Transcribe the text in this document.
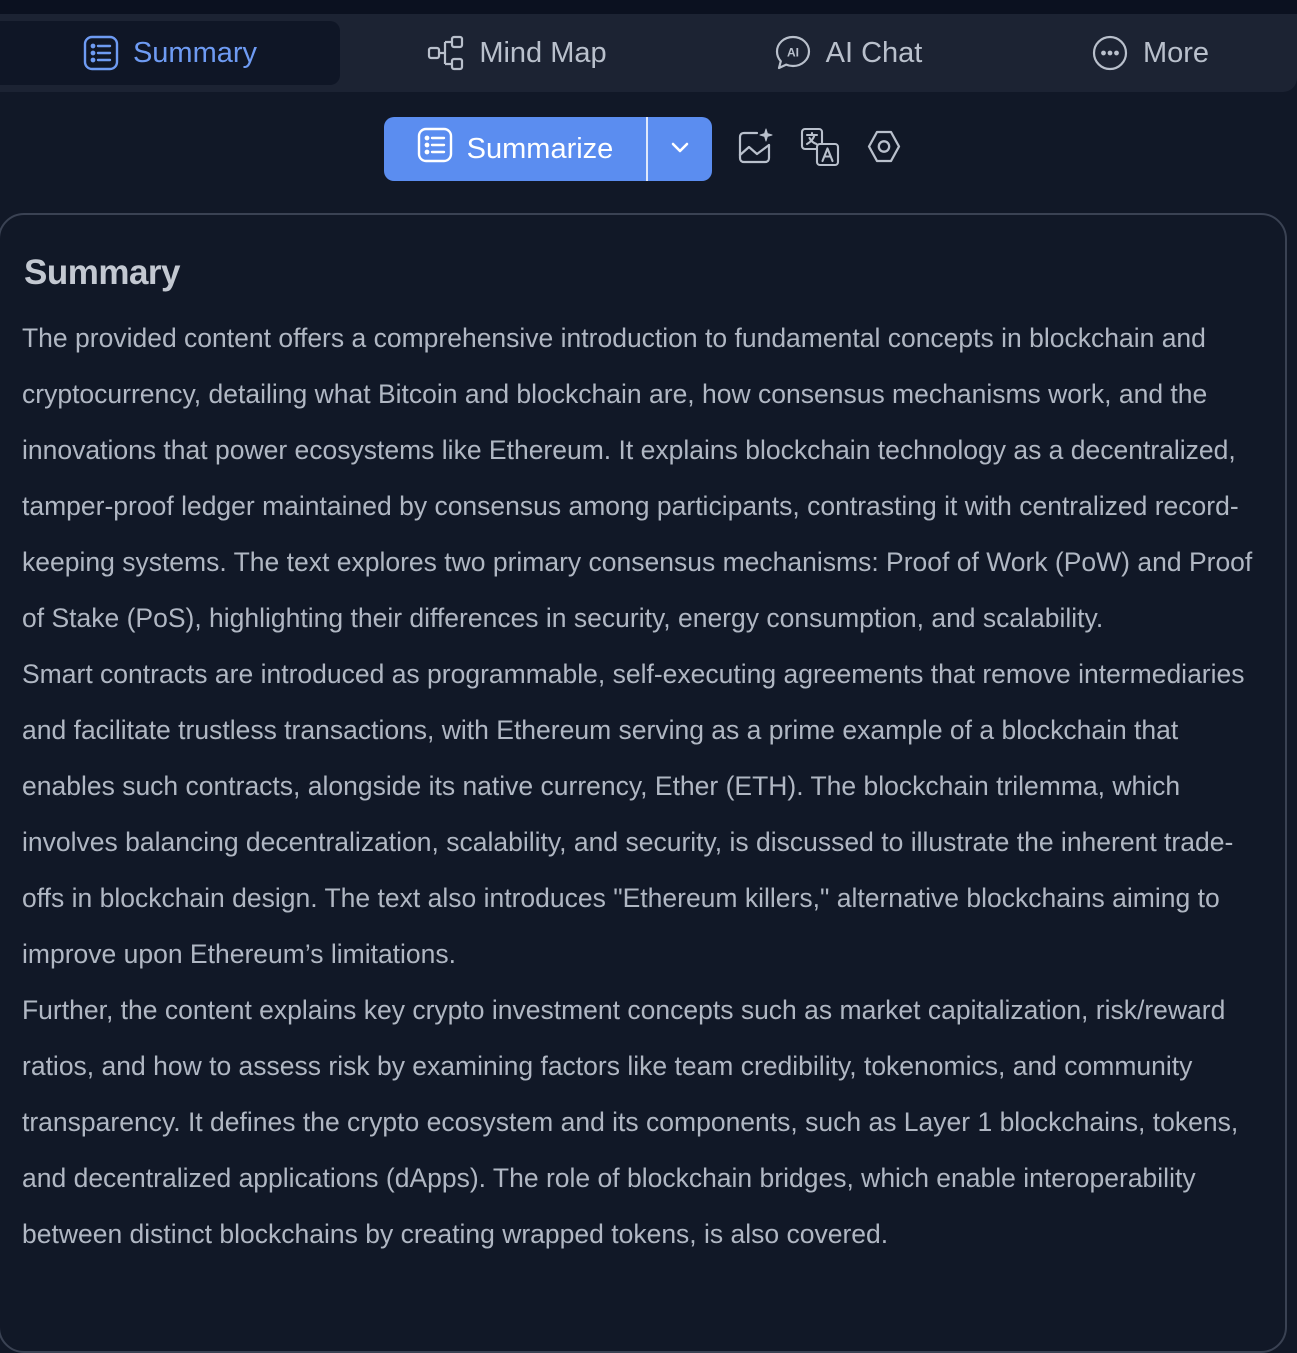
Summary	Mind Map	AI AI Chat	More
Summarize
Summary

The provided content offers a comprehensive introduction to fundamental concepts in blockchain and cryptocurrency, detailing what Bitcoin and blockchain are, how consensus mechanisms work, and the innovations that power ecosystems like Ethereum. It explains blockchain technology as a decentralized, tamper-proof ledger maintained by consensus among participants, contrasting it with centralized record-keeping systems. The text explores two primary consensus mechanisms: Proof of Work (PoW) and Proof of Stake (PoS), highlighting their differences in security, energy consumption, and scalability.

Smart contracts are introduced as programmable, self-executing agreements that remove intermediaries and facilitate trustless transactions, with Ethereum serving as a prime example of a blockchain that enables such contracts, alongside its native currency, Ether (ETH). The blockchain trilemma, which involves balancing decentralization, scalability, and security, is discussed to illustrate the inherent trade-offs in blockchain design. The text also introduces "Ethereum killers," alternative blockchains aiming to improve upon Ethereum’s limitations.

Further, the content explains key crypto investment concepts such as market capitalization, risk/reward ratios, and how to assess risk by examining factors like team credibility, tokenomics, and community transparency. It defines the crypto ecosystem and its components, such as Layer 1 blockchains, tokens, and decentralized applications (dApps). The role of blockchain bridges, which enable interoperability between distinct blockchains by creating wrapped tokens, is also covered.
